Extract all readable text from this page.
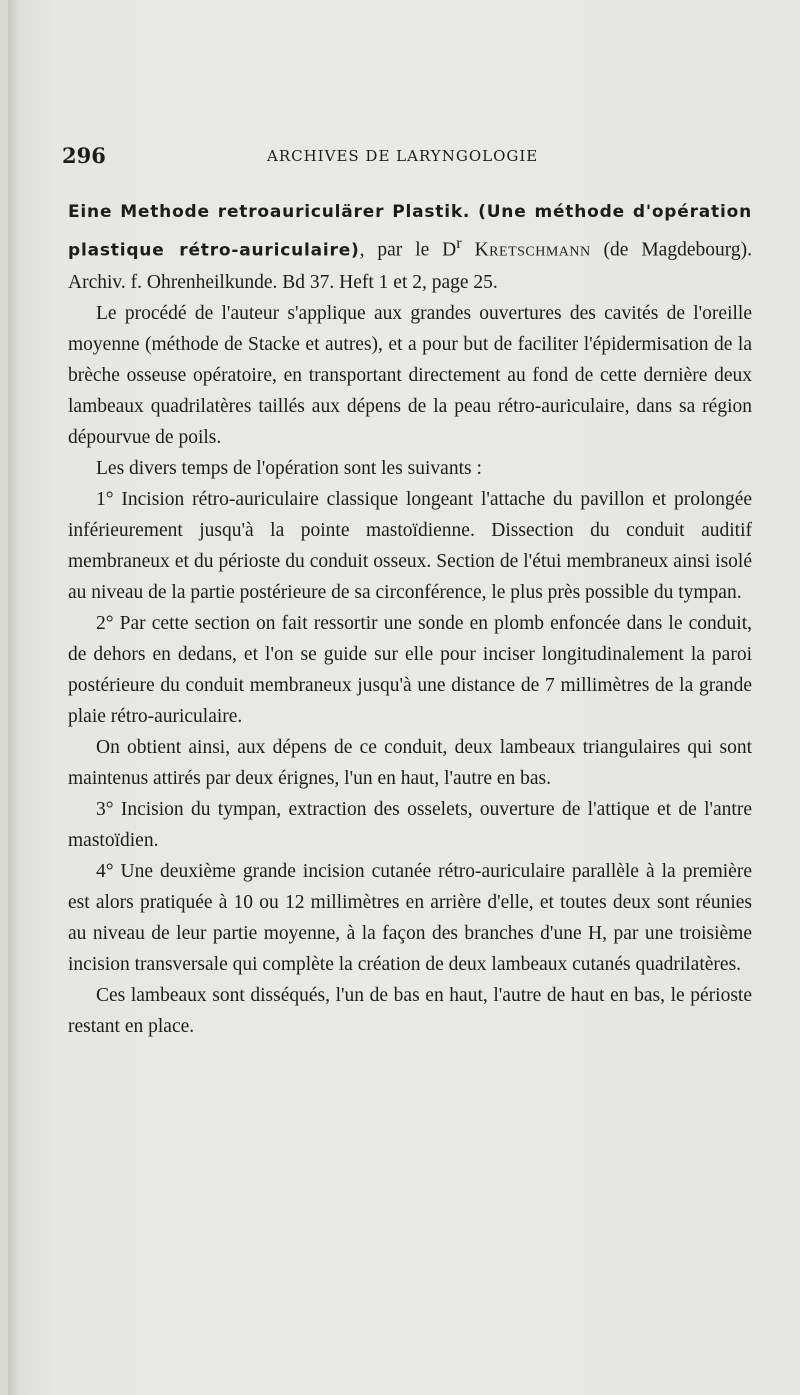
296	ARCHIVES DE LARYNGOLOGIE

Eine Methode retroauriculärer Plastik. (Une méthode d'opération plastique rétro-auriculaire), par le $D^r$ Kretschmann (de Magdebourg). Archiv. f. Ohrenheilkunde. Bd 37. Heft 1 et 2, page 25.

Le procédé de l'auteur s'applique aux grandes ouvertures des cavités de l'oreille moyenne (méthode de Stacke et autres), et a pour but de faciliter l'épidermisation de la brèche osseuse opératoire, en transportant directement au fond de cette dernière deux lambeaux quadrilatères taillés aux dépens de la peau rétro-auriculaire, dans sa région dépourvue de poils.

Les divers temps de l'opération sont les suivants :

1° Incision rétro-auriculaire classique longeant l'attache du pavillon et prolongée inférieurement jusqu'à la pointe mastoïdienne. Dissection du conduit auditif membraneux et du périoste du conduit osseux. Section de l'étui membraneux ainsi isolé au niveau de la partie postérieure de sa circonférence, le plus près possible du tympan.

2° Par cette section on fait ressortir une sonde en plomb enfoncée dans le conduit, de dehors en dedans, et l'on se guide sur elle pour inciser longitudinalement la paroi postérieure du conduit membraneux jusqu'à une distance de 7 millimètres de la grande plaie rétro-auriculaire.

On obtient ainsi, aux dépens de ce conduit, deux lambeaux triangulaires qui sont maintenus attirés par deux érignes, l'un en haut, l'autre en bas.

3° Incision du tympan, extraction des osselets, ouverture de l'attique et de l'antre mastoïdien.

4° Une deuxième grande incision cutanée rétro-auriculaire parallèle à la première est alors pratiquée à 10 ou 12 millimètres en arrière d'elle, et toutes deux sont réunies au niveau de leur partie moyenne, à la façon des branches d'une H, par une troisième incision transversale qui complète la création de deux lambeaux cutanés quadrilatères.

Ces lambeaux sont disséqués, l'un de bas en haut, l'autre de haut en bas, le périoste restant en place.
